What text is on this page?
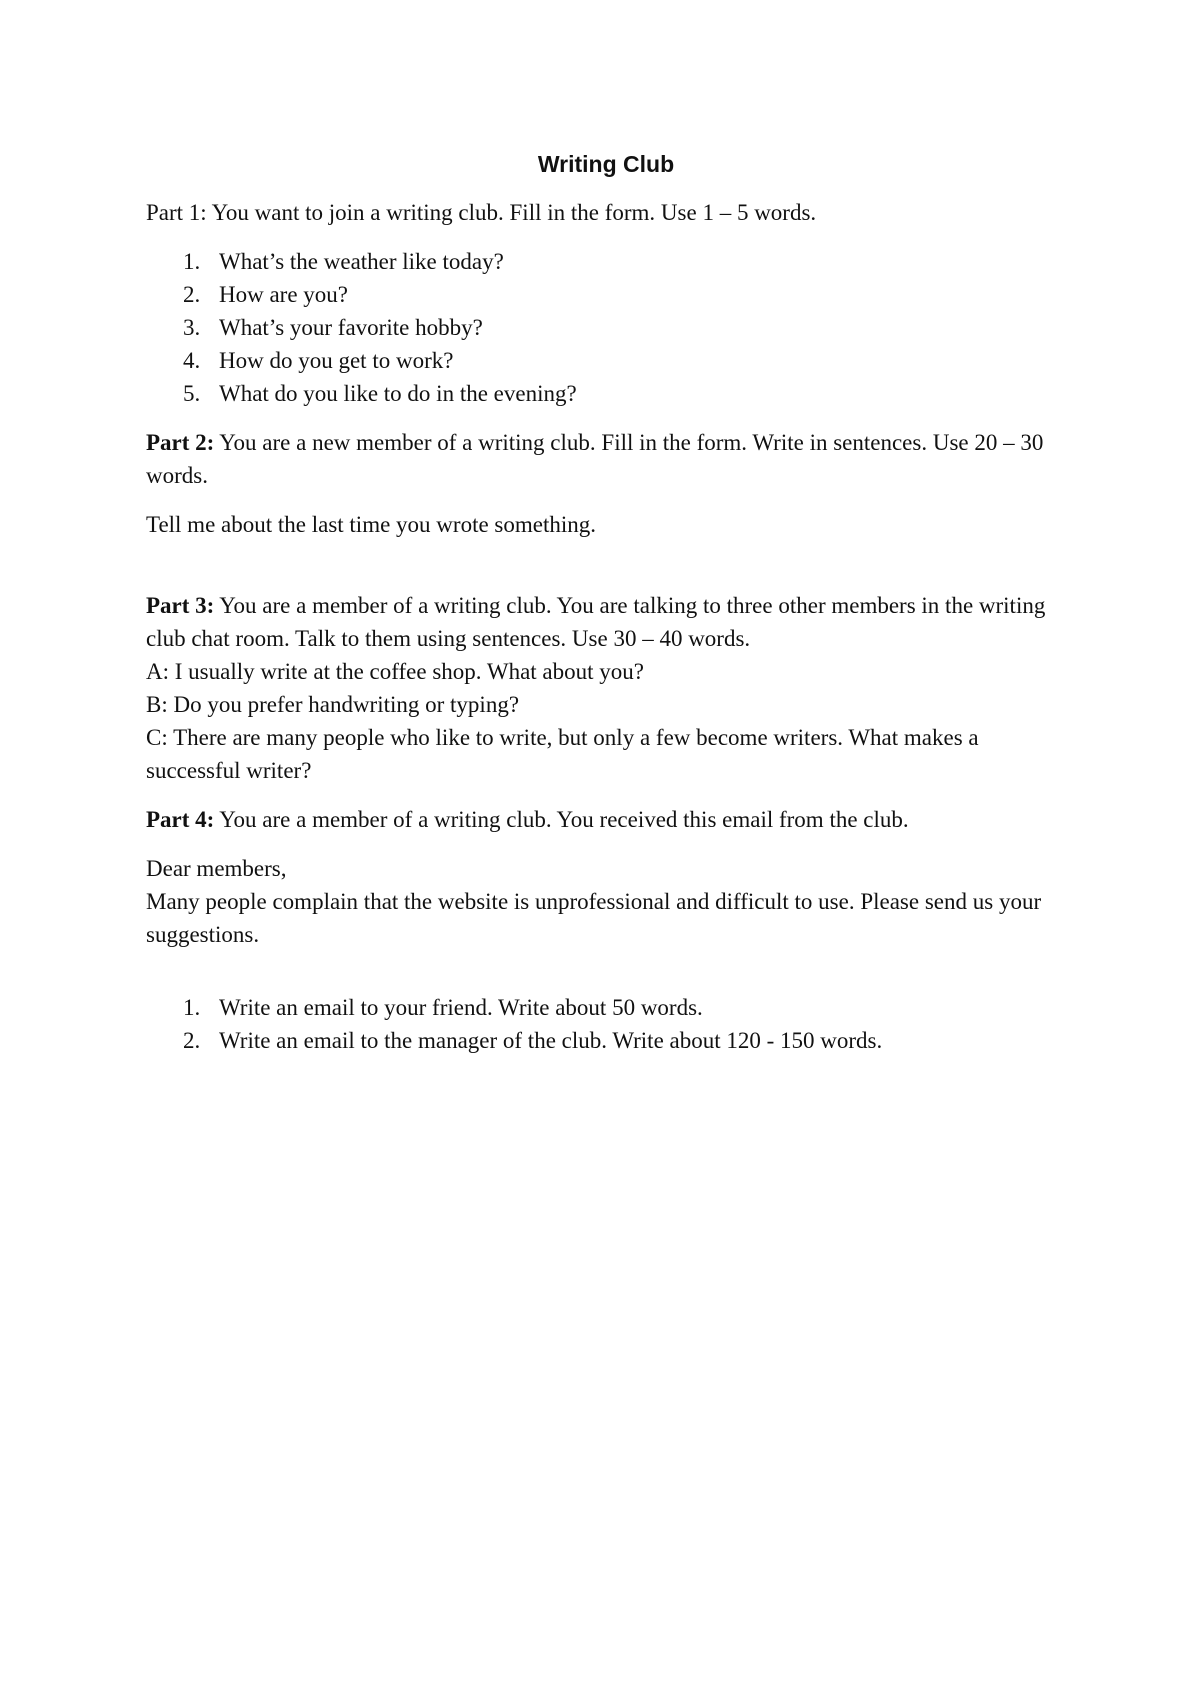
Writing Club

Part 1: You want to join a writing club. Fill in the form. Use 1 – 5 words.

1. What’s the weather like today?
2. How are you?
3. What’s your favorite hobby?
4. How do you get to work?
5. What do you like to do in the evening?

Part 2: You are a new member of a writing club. Fill in the form. Write in sentences. Use 20 – 30 words.

Tell me about the last time you wrote something.

Part 3: You are a member of a writing club. You are talking to three other members in the writing club chat room. Talk to them using sentences. Use 30 – 40 words.

A: I usually write at the coffee shop. What about you?

B: Do you prefer handwriting or typing?

C: There are many people who like to write, but only a few become writers. What makes a successful writer?

Part 4: You are a member of a writing club. You received this email from the club.

Dear members,

Many people complain that the website is unprofessional and difficult to use. Please send us your suggestions.

1. Write an email to your friend. Write about 50 words.
2. Write an email to the manager of the club. Write about 120 - 150 words.
